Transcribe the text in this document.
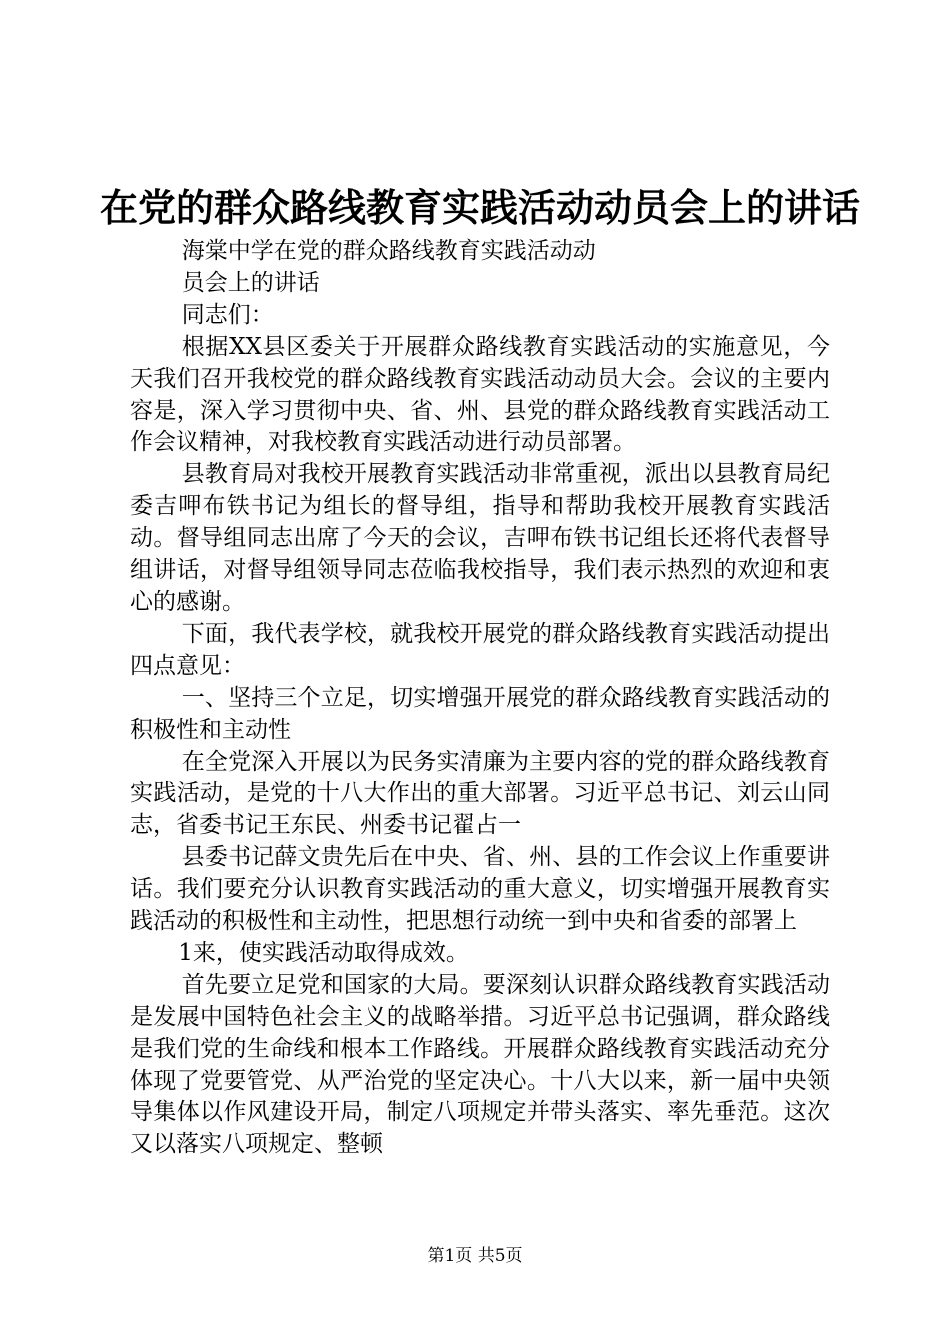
在党的群众路线教育实践活动动员会上的讲话

海棠中学在党的群众路线教育实践活动动

员会上的讲话

同志们：

根据XX县区委关于开展群众路线教育实践活动的实施意见，今天我们召开我校党的群众路线教育实践活动动员大会。会议的主要内容是，深入学习贯彻中央、省、州、县党的群众路线教育实践活动工作会议精神，对我校教育实践活动进行动员部署。

县教育局对我校开展教育实践活动非常重视，派出以县教育局纪委吉呷布铁书记为组长的督导组，指导和帮助我校开展教育实践活动。督导组同志出席了今天的会议，吉呷布铁书记组长还将代表督导组讲话，对督导组领导同志莅临我校指导，我们表示热烈的欢迎和衷心的感谢。

下面，我代表学校，就我校开展党的群众路线教育实践活动提出四点意见：

一、坚持三个立足，切实增强开展党的群众路线教育实践活动的积极性和主动性

在全党深入开展以为民务实清廉为主要内容的党的群众路线教育实践活动，是党的十八大作出的重大部署。习近平总书记、刘云山同志，省委书记王东民、州委书记翟占一

县委书记薛文贵先后在中央、省、州、县的工作会议上作重要讲话。我们要充分认识教育实践活动的重大意义，切实增强开展教育实践活动的积极性和主动性，把思想行动统一到中央和省委的部署上

1来，使实践活动取得成效。

首先要立足党和国家的大局。要深刻认识群众路线教育实践活动是发展中国特色社会主义的战略举措。习近平总书记强调，群众路线是我们党的生命线和根本工作路线。开展群众路线教育实践活动充分体现了党要管党、从严治党的坚定决心。十八大以来，新一届中央领导集体以作风建设开局，制定八项规定并带头落实、率先垂范。这次又以落实八项规定、整顿

第1页 共5页
